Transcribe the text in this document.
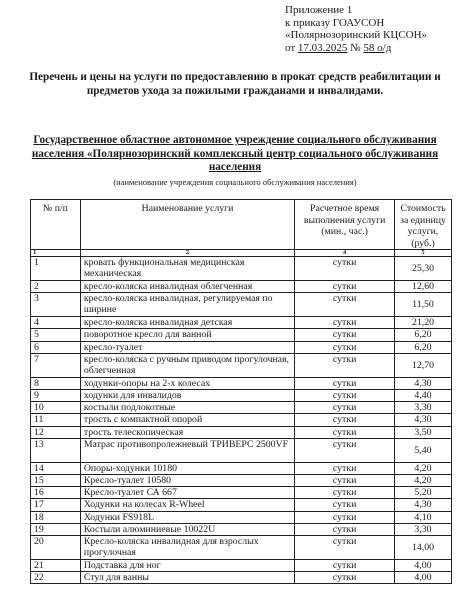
Приложение 1
к приказу ГОАУСОН
«Полярнозоринский КЦСОН»
от 17.03.2025 № 58 о/д
Перечень и цены на услуги по предоставлению в прокат средств реабилитации и предметов ухода за пожилыми гражданами и инвалидами.
Государственное областное автономное учреждение социального обслуживания населения «Полярнозоринский комплексный центр социального обслуживания населения
(наименование учреждения социального обслуживания населения)
№ п/п	Наименование услуги	Расчетное время выполнения услуги (мин., час.)	Стоимость за единицу услуги, (руб.)
1	2	4	5
1	кровать функциональная медицинская механическая	сутки	25,30
2	кресло-коляска инвалидная облегченная	сутки	12,60
3	кресло-коляска инвалидная, регулируемая по ширине	сутки	11,50
4	кресло-коляска инвалидная детская	сутки	21,20
5	поворотное кресло для ванной	сутки	6,20
6	кресло-туалет	сутки	6,20
7	кресло-коляска с ручным приводом прогулочная, облегченная	сутки	12,70
8	ходунки-опоры на 2-х колесах	сутки	4,30
9	ходунки для инвалидов	сутки	4,40
10	костыли подлокотные	сутки	3,30
11	трость с компактной опорой	сутки	4,30
12	трость телескопическая	сутки	3,50
13	Матрас противопролежневый ТРИВЕРС 2500VF	сутки	5,40
14	Опоры-ходунки 10180	сутки	4,20
15	Кресло-туалет 10580	сутки	4,20
16	Кресло-туалет СА 667	сутки	5,20
17	Ходунки на колесах R-Wheel	сутки	4,30
18	Ходунки FS918L	сутки	4,10
19	Костыли алюминиевые 10022U	сутки	3,30
20	Кресло-коляска инвалидная для взрослых прогулочная	сутки	14,00
21	Подставка для ног	сутки	4,00
22	Стул для ванны	сутки	4,00
